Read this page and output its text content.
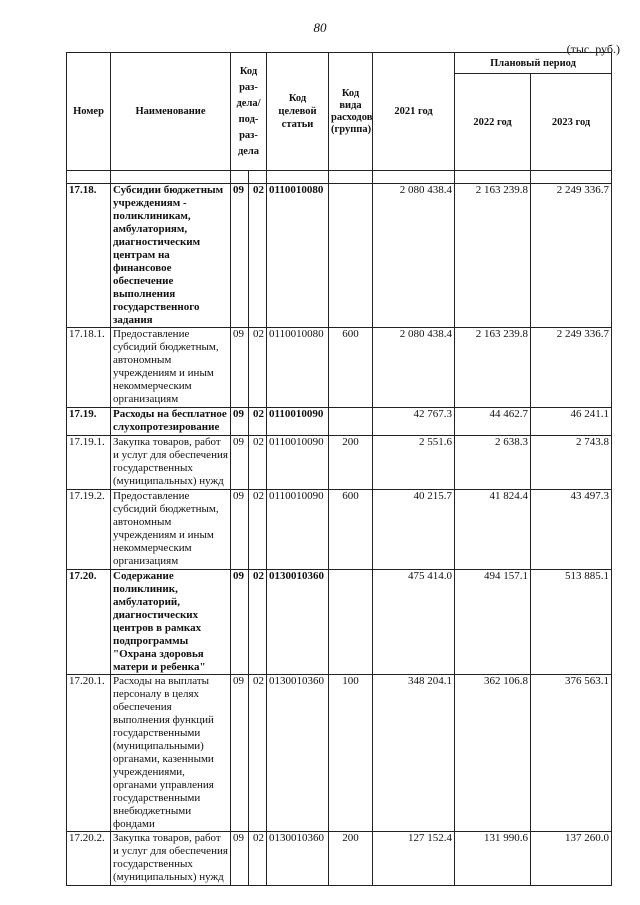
80
(тыс. руб.)
Номер	Наименование	Код раз- дела/ под- раз- дела		Код целевой статьи	Код вида расходов (группа)	2021 год	Плановый период	
							2022 год	2023 год

17.18.	Субсидии бюджетным учреждениям - поликлиникам, амбулаториям, диагностическим центрам на финансовое обеспечение выполнения государственного задания	09	02	0110010080		2 080 438.4	2 163 239.8	2 249 336.7
17.18.1.	Предоставление субсидий бюджетным, автономным учреждениям и иным некоммерческим организациям	09	02	0110010080	600	2 080 438.4	2 163 239.8	2 249 336.7
17.19.	Расходы на бесплатное слухопротезирование	09	02	0110010090		42 767.3	44 462.7	46 241.1
17.19.1.	Закупка товаров, работ и услуг для обеспечения государственных (муниципальных) нужд	09	02	0110010090	200	2 551.6	2 638.3	2 743.8
17.19.2.	Предоставление субсидий бюджетным, автономным учреждениям и иным некоммерческим организациям	09	02	0110010090	600	40 215.7	41 824.4	43 497.3
17.20.	Содержание поликлиник, амбулаторий, диагностических центров в рамках подпрограммы "Охрана здоровья матери и ребенка"	09	02	0130010360		475 414.0	494 157.1	513 885.1
17.20.1.	Расходы на выплаты персоналу в целях обеспечения выполнения функций государственными (муниципальными) органами, казенными учреждениями, органами управления государственными внебюджетными фондами	09	02	0130010360	100	348 204.1	362 106.8	376 563.1
17.20.2.	Закупка товаров, работ и услуг для обеспечения государственных (муниципальных) нужд	09	02	0130010360	200	127 152.4	131 990.6	137 260.0
